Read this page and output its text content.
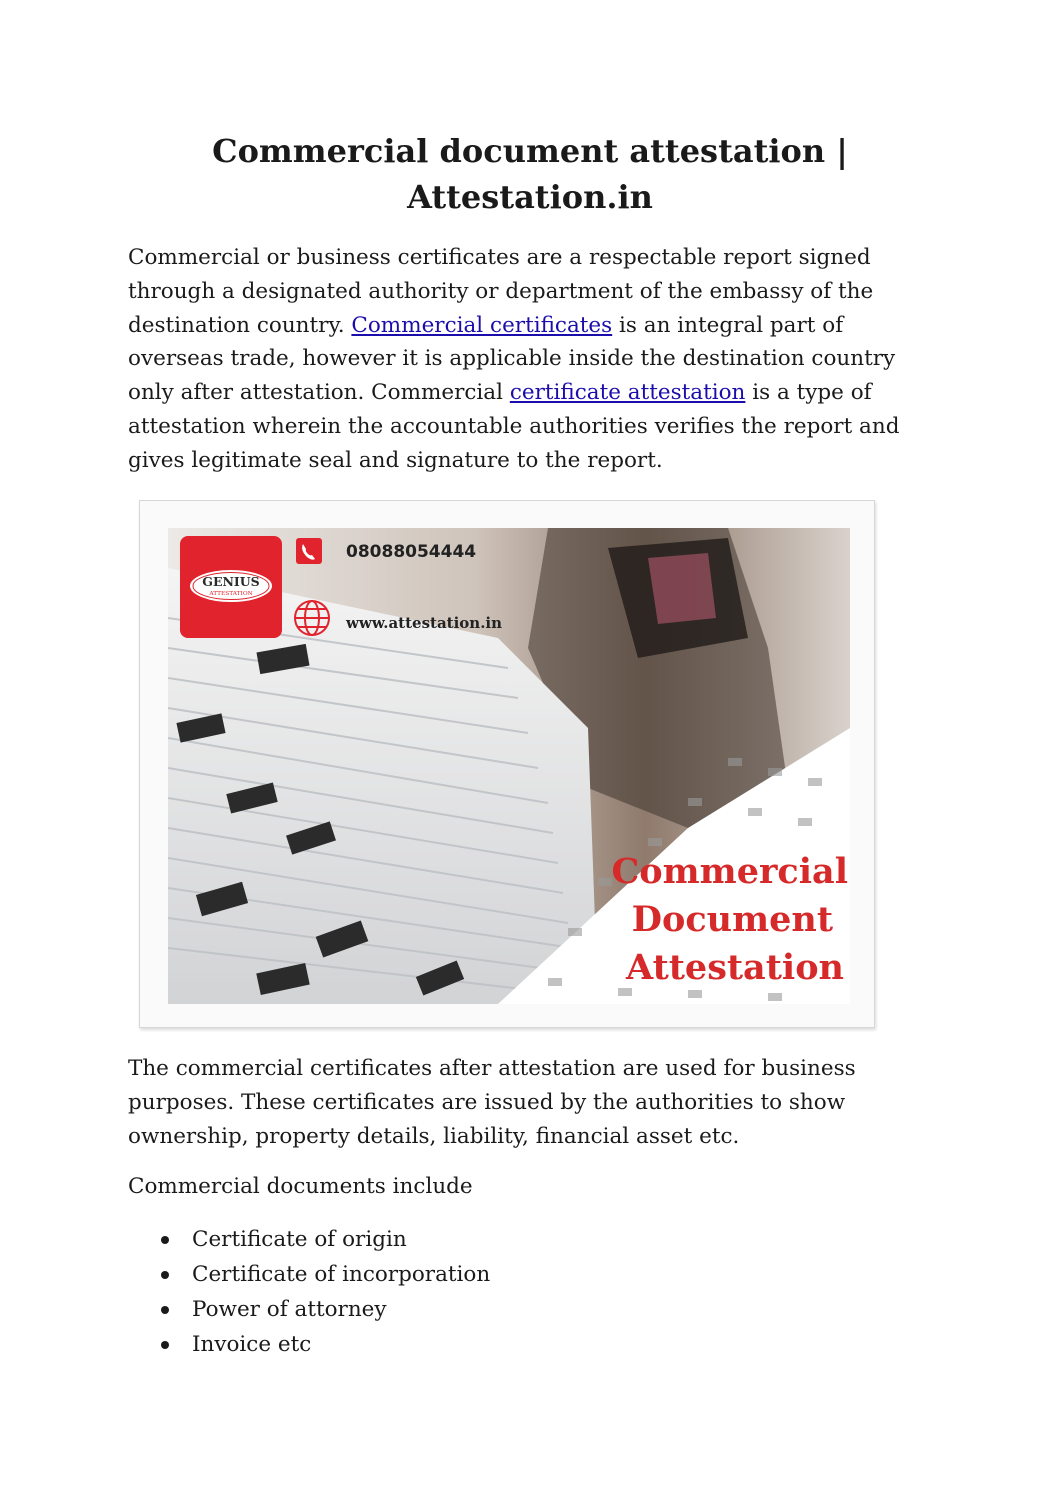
Commercial document attestation | Attestation.in

Commercial or business certificates are a respectable report signed through a designated authority or department of the embassy of the destination country. Commercial certificates is an integral part of overseas trade, however it is applicable inside the destination country only after attestation. Commercial certificate attestation is a type of attestation wherein the accountable authorities verifies the report and gives legitimate seal and signature to the report.

GENIUS
ATTESTATION
08088054444
www.attestation.in
Commercial
Document
Attestation

The commercial certificates after attestation are used for business purposes. These certificates are issued by the authorities to show ownership, property details, liability, financial asset etc.

Commercial documents include

Certificate of origin
Certificate of incorporation
Power of attorney
Invoice etc
